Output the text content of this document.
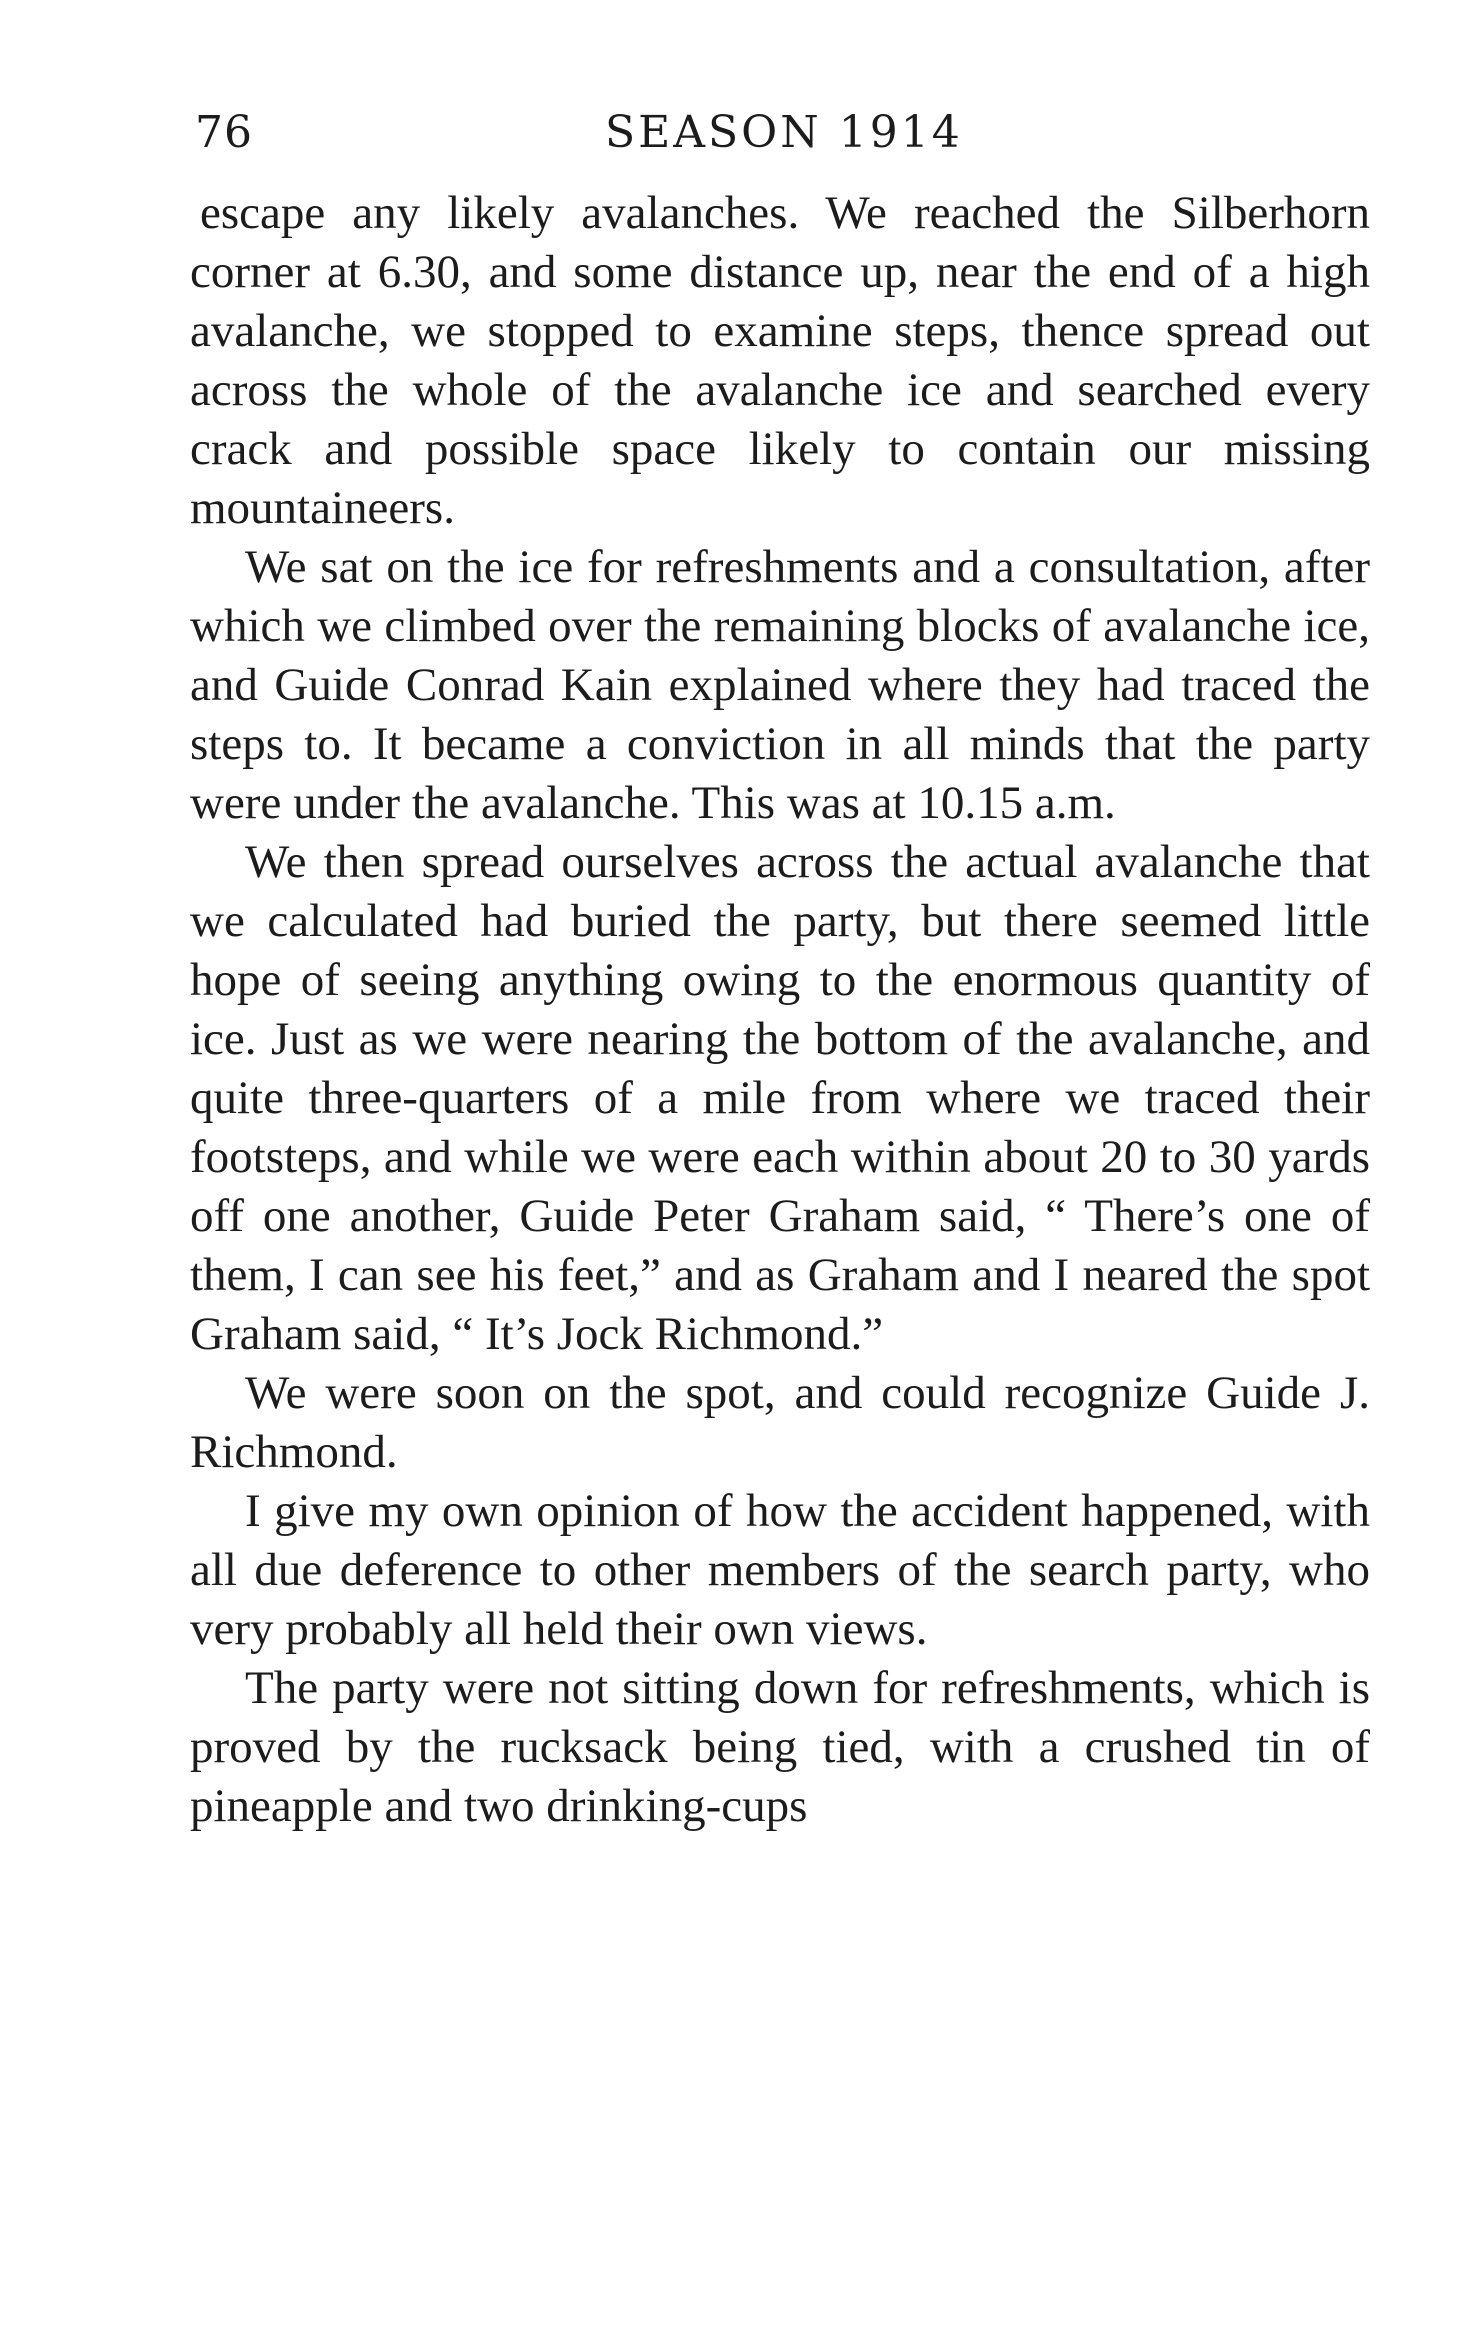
76	SEASON 1914

escape any likely avalanches. We reached the Silberhorn corner at 6.30, and some distance up, near the end of a high avalanche, we stopped to examine steps, thence spread out across the whole of the avalanche ice and searched every crack and possible space likely to contain our missing mountaineers.

We sat on the ice for refreshments and a consultation, after which we climbed over the remaining blocks of avalanche ice, and Guide Conrad Kain explained where they had traced the steps to. It became a conviction in all minds that the party were under the avalanche. This was at 10.15 a.m.

We then spread ourselves across the actual avalanche that we calculated had buried the party, but there seemed little hope of seeing anything owing to the enormous quantity of ice. Just as we were nearing the bottom of the avalanche, and quite three-quarters of a mile from where we traced their footsteps, and while we were each within about 20 to 30 yards off one another, Guide Peter Graham said, “ There’s one of them, I can see his feet,” and as Graham and I neared the spot Graham said, “ It’s Jock Richmond.”

We were soon on the spot, and could recognize Guide J. Richmond.

I give my own opinion of how the accident happened, with all due deference to other members of the search party, who very probably all held their own views.

The party were not sitting down for refreshments, which is proved by the rucksack being tied, with a crushed tin of pineapple and two drinking-cups
